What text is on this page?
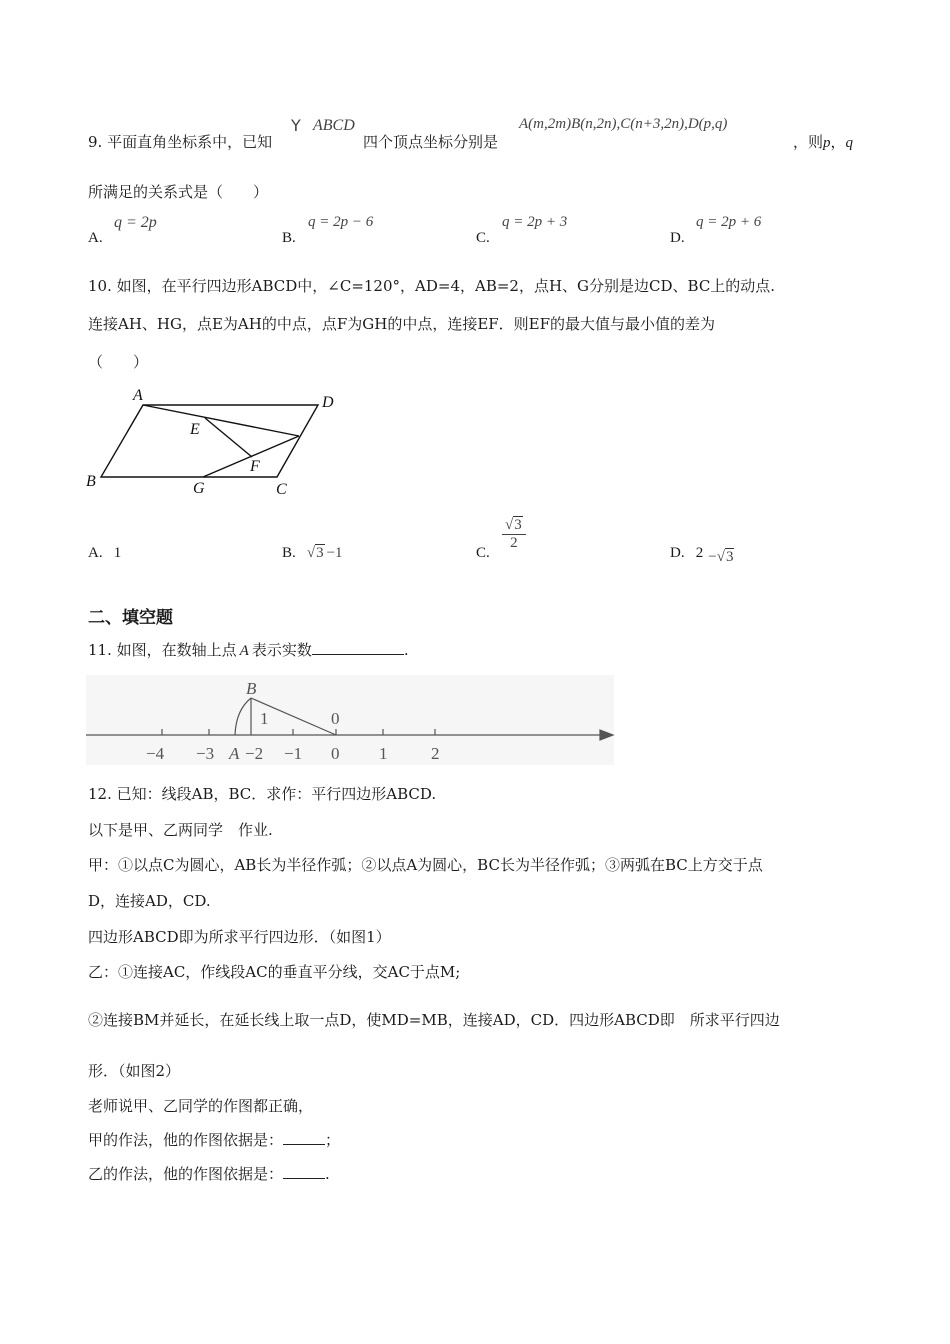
9. 平面直角坐标系中，已知
Y ABCD
四个顶点坐标分别是
A(m,2m)B(n,2n),C(n+3,2n),D(p,q)
，则p，q
所满足的关系式是（　　）
A.
q = 2p
B.
q = 2p − 6
C.
q = 2p + 3
D.
q = 2p + 6
10. 如图，在平行四边形ABCD中，∠C=120°，AD=4，AB=2，点H、G分别是边CD、BC上的动点.
连接AH、HG，点E为AH的中点，点F为GH的中点，连接EF．则EF的最大值与最小值的差为
（　　）
A	D
E
F
B	G	C
A. 1	B. √3 −1	C.
$\frac{√3}{2}$
D. 2 −√3
二、填空题
11. 如图，在数轴上点 A 表示实数	.
−4 −3 A −2 −1 0 1	2
B
1	0
12. 已知：线段AB，BC．求作：平行四边形ABCD.
以下是甲、乙两同学　作业.
甲：①以点C为圆心，AB长为半径作弧；②以点A为圆心，BC长为半径作弧；③两弧在BC上方交于点
D，连接AD，CD.
四边形ABCD即为所求平行四边形．（如图1）
乙：①连接AC，作线段AC的垂直平分线，交AC于点M;
②连接BM并延长，在延长线上取一点D，使MD=MB，连接AD，CD．四边形ABCD即　所求平行四边
形．（如图2）
老师说甲、乙同学的作图都正确，
甲的作法，他的作图依据是：	；
乙的作法，他的作图依据是：	.
